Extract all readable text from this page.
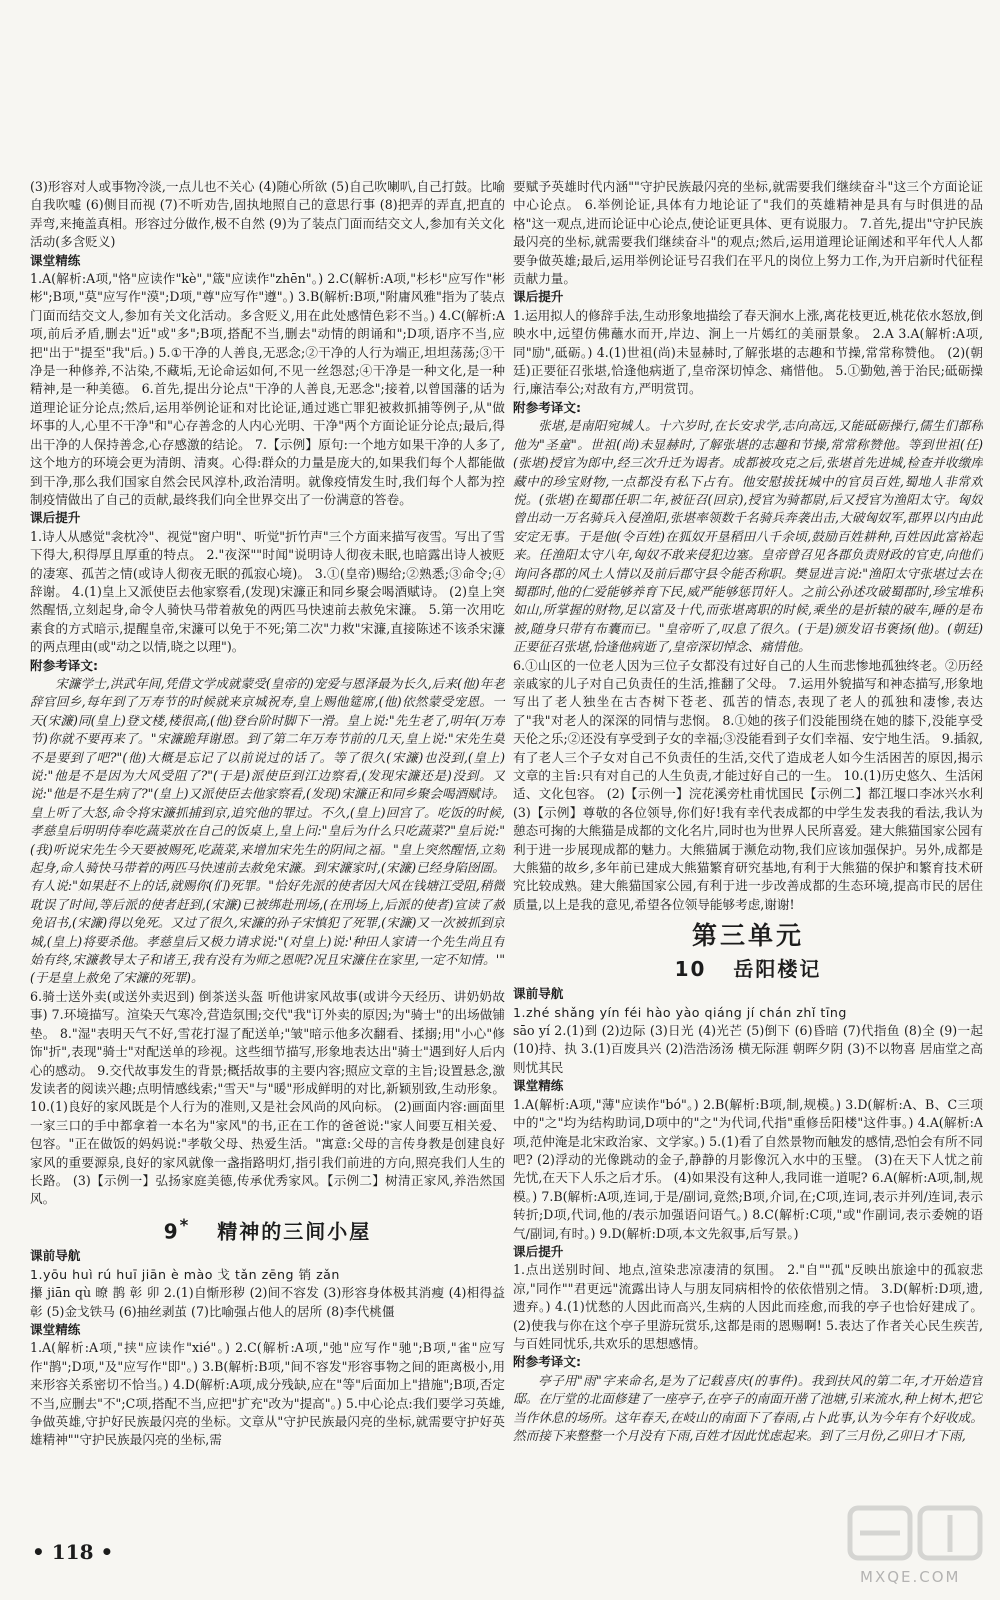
(3)形容对人或事物冷淡,一点儿也不关心 (4)随心所欲 (5)自己吹喇叭,自己打鼓。比喻自我吹嘘 (6)侧目而视 (7)不听劝告,固执地照自己的意思行事 (8)把弄的弄直,把直的弄弯,来掩盖真相。形容过分做作,极不自然 (9)为了装点门面而结交文人,参加有关文化活动(多含贬义)

课堂精练

1.A(解析:A项,"恪"应读作"kè","箴"应读作"zhēn"。) 2.C(解析:A项,"杉杉"应写作"彬彬";B项,"莫"应写作"漠";D项,"尊"应写作"遵"。) 3.B(解析:B项,"附庸风雅"指为了装点门面而结交文人,参加有关文化活动。多含贬义,用在此处感情色彩不当。) 4.C(解析:A项,前后矛盾,删去"近"或"多";B项,搭配不当,删去"动情的朗诵和";D项,语序不当,应把"出于"提至"我"后。) 5.①干净的人善良,无恶念;②干净的人行为端正,坦坦荡荡;③干净是一种修养,不沾染,不藏垢,无论命运如何,不见一丝怨怼;④干净是一种文化,是一种精神,是一种美德。 6.首先,提出分论点"干净的人善良,无恶念";接着,以曾国藩的话为道理论证分论点;然后,运用举例论证和对比论证,通过逃亡罪犯被救抓捕等例子,从"做坏事的人,心里不干净"和"心存善念的人内心光明、干净"两个方面论证分论点;最后,得出干净的人保持善念,心存感激的结论。 7.【示例】原句:一个地方如果干净的人多了,这个地方的环境会更为清朗、清爽。心得:群众的力量是庞大的,如果我们每个人都能做到干净,那么我们国家自然会民风淳朴,政治清明。就像疫情发生时,我们每个人都为控制疫情做出了自己的贡献,最终我们向全世界交出了一份满意的答卷。

课后提升

1.诗人从感觉"衾枕冷"、视觉"窗户明"、听觉"折竹声"三个方面来描写夜雪。写出了雪下得大,积得厚且厚重的特点。 2."夜深""时闻"说明诗人彻夜未眠,也暗露出诗人被贬的凄寒、孤苦之情(或诗人彻夜无眠的孤寂心境)。 3.①(皇帝)赐给;②熟悉;③命令;④辞谢。 4.(1)皇上又派使臣去他家察看,(发现)宋濂正和同乡聚会喝酒赋诗。 (2)皇上突然醒悟,立刻起身,命令人骑快马带着赦免的两匹马快速前去赦免宋濂。 5.第一次用吃素食的方式暗示,提醒皇帝,宋濂可以免于不死;第二次"力救"宋濂,直接陈述不该杀宋濂的两点理由(或"动之以情,晓之以理")。

附参考译文:

宋濂学士,洪武年间,凭借文学成就蒙受(皇帝的)宠爱与恩泽最为长久,后来(他)年老辞官回乡,每年到了万寿节的时候就来京城祝寿,皇上赐他筵席,(他)依然蒙受宠恩。一天(宋濂)同(皇上)登文楼,楼很高,(他)登台阶时脚下一滑。皇上说:"先生老了,明年(万寿节)你就不要再来了。"宋濂跪拜谢恩。到了第二年万寿节前的几天,皇上说:"宋先生莫不是要到了吧?"(他)大概是忘记了以前说过的话了。等了很久(宋濂)也没到,(皇上)说:"他是不是因为大风受阻了?"(于是)派使臣到江边察看,(发现宋濂还是)没到。又说:"他是不是生病了?"(皇上)又派使臣去他家察看,(发现)宋濂正和同乡聚会喝酒赋诗。皇上听了大怒,命令将宋濂抓捕到京,追究他的罪过。不久,(皇上)回宫了。吃饭的时候,孝慈皇后明明侍奉吃蔬菜放在自己的饭桌上,皇上问:"皇后为什么只吃蔬菜?"皇后说:"(我)听说宋先生今天要被赐死,吃蔬菜,来增加宋先生的阴间之福。"皇上突然醒悟,立刻起身,命人骑快马带着的两匹马快速前去赦免宋濂。到宋濂家时,(宋濂)已经身陷囹圄。有人说:"如果赶不上的话,就赐你(们)死罪。"恰好先派的使者因大风在钱塘江受阻,稍微耽误了时间,等后派的使者赶到,(宋濂)已被绑赴刑场,(在刑场上,后派的使者)宣读了赦免诏书,(宋濂)得以免死。又过了很久,宋濂的孙子宋慎犯了死罪,(宋濂)又一次被抓到京城,(皇上)将要杀他。孝慈皇后又极力请求说:"(对皇上)说:'种田人家请一个先生尚且有始有终,宋濂教导太子和诸王,我有没有为师之恩呢?况且宋濂住在家里,一定不知情。'"(于是皇上赦免了宋濂的死罪)。

6.骑士送外卖(或送外卖迟到) 倒茶送头盔 听他讲家风故事(或讲今天经历、讲奶奶故事) 7.环境描写。渲染天气寒冷,营造氛围;交代"我"订外卖的原因;为"骑士"的出场做铺垫。 8."湿"表明天气不好,雪花打湿了配送单;"皱"暗示他多次翻看、揉搦;用"小心"修饰"折",表现"骑士"对配送单的珍视。这些细节描写,形象地表达出"骑士"遇到好人后内心的感动。 9.交代故事发生的背景;概括故事的主要内容;照应文章的主旨;设置悬念,激发读者的阅读兴趣;点明情感线索;"雪天"与"暖"形成鲜明的对比,新颖别致,生动形象。 10.(1)良好的家风既是个人行为的准则,又是社会风尚的风向标。 (2)画面内容:画面里一家三口的手中都拿着一本名为"家风"的书,正在工作的爸爸说:"家人间要互相关爱、包容。"正在做饭的妈妈说:"孝敬父母、热爱生活。"寓意:父母的言传身教是创建良好家风的重要源泉,良好的家风就像一盏指路明灯,指引我们前进的方向,照亮我们人生的长路。 (3)【示例一】弘扬家庭美德,传承优秀家风。【示例二】树清正家风,养浩然国风。

9* 精神的三间小屋

课前导航

1.yōu huì rú huī jiān è mào 戈 tǎn zēng 销 zǎn

攥 jiān qù 暸 鹊 彰 卯 2.(1)自惭形秽 (2)间不容发 (3)形容身体极其消瘦 (4)相得益彰 (5)金戈铁马 (6)抽丝剥茧 (7)比喻强占他人的居所 (8)李代桃僵

课堂精练

1.A(解析:A项,"挟"应读作"xié"。) 2.C(解析:A项,"弛"应写作"驰";B项,"雀"应写作"鹊";D项,"及"应写作"即"。) 3.B(解析:B项,"间不容发"形容事物之间的距离极小,用来形容关系密切不恰当。) 4.D(解析:A项,成分残缺,应在"等"后面加上"措施";B项,否定不当,应删去"不";C项,搭配不当,应把"扩充"改为"提高"。) 5.中心论点:我们要学习英雄,争做英雄,守护好民族最闪亮的坐标。文章从"守护民族最闪亮的坐标,就需要守护好英雄精神""守护民族最闪亮的坐标,需

要赋予英雄时代内涵""守护民族最闪亮的坐标,就需要我们继续奋斗"这三个方面论证中心论点。 6.举例论证,具体有力地论证了"我们的英雄精神是具有与时俱进的品格"这一观点,进而论证中心论点,使论证更具体、更有说服力。 7.首先,提出"守护民族最闪亮的坐标,就需要我们继续奋斗"的观点;然后,运用道理论证阐述和平年代人人都要争做英雄;最后,运用举例论证号召我们在平凡的岗位上努力工作,为开启新时代征程贡献力量。

课后提升

1.运用拟人的修辞手法,生动形象地描绘了春天涧水上涨,离花枝更近,桃花依水怒放,倒映水中,远望仿佛蘸水而开,岸边、涧上一片嫣红的美丽景象。 2.A 3.A(解析:A项,同"励",砥砺。) 4.(1)世祖(尚)未显赫时,了解张堪的志趣和节操,常常称赞他。 (2)(朝廷)正要征召张堪,恰逢他病逝了,皇帝深切悼念、痛惜他。 5.①勤勉,善于治民;砥砺操行,廉洁奉公;对敌有方,严明赏罚。

附参考译文:

张堪,是南阳宛城人。十六岁时,在长安求学,志向高远,又能砥砺操行,儒生们都称他为"圣童"。世祖(尚)未显赫时,了解张堪的志趣和节操,常常称赞他。等到世祖(任)(张堪)授官为郎中,经三次升迁为谒者。成都被攻克之后,张堪首先进城,检查并收缴库藏中的珍宝财物,一点都没有私下占有。他安慰拔抚城中的官员百姓,蜀地人非常欢悦。(张堪)在蜀郡任职二年,被征召(回京),授官为骑都尉,后又授官为渔阳太守。匈奴曾出动一万名骑兵入侵渔阳,张堪率领数千名骑兵奔袭出击,大破匈奴军,郡界以内由此安定无事。于是他(令百姓)在狐奴开垦稻田八千余顷,鼓励百姓耕种,百姓因此富裕起来。任渔阳太守八年,匈奴不敢来侵犯边塞。皇帝曾召见各郡负责财政的官吏,向他们询问各郡的风土人情以及前后郡守县令能否称职。樊显进言说:"渔阳太守张堪过去在蜀郡时,他的仁爱能够养育下民,威严能够惩罚奸人。之前公孙述攻破蜀郡时,珍宝堆积如山,所掌握的财物,足以富及十代,而张堪离职的时候,乘坐的是折辕的破车,睡的是布被,随身只带有布囊而已。"皇帝听了,叹息了很久。(于是)颁发诏书褒扬(他)。(朝廷)正要征召张堪,恰逢他病逝了,皇帝深切悼念、痛惜他。

6.①山区的一位老人因为三位子女都没有过好自己的人生而悲惨地孤独终老。②历经亲戚家的儿子对自己负责任的生活,推翻了父母。 7.运用外貌描写和神态描写,形象地写出了老人独坐在古杏树下苍老、孤苦的情态,表现了老人的孤独和凄惨,表达了"我"对老人的深深的同情与悲悯。 8.①她的孩子们没能围绕在她的膝下,没能享受天伦之乐;②还没有享受到子女的幸福;③没能看到子女们幸福、安宁地生活。 9.插叙,有了老人三个子女对自己不负责任的生活,交代了造成老人如今生活困苦的原因,揭示文章的主旨:只有对自己的人生负责,才能过好自己的一生。 10.(1)历史悠久、生活闲适、文化包容。 (2)【示例一】浣花溪旁杜甫忧国民【示例二】都江堰口李冰兴水利 (3)【示例】尊敬的各位领导,你们好!我有幸代表成都的中学生发表我的看法,我认为憩态可掬的大熊猫是成都的文化名片,同时也为世界人民所喜爱。建大熊猫国家公园有利于进一步展现成都的魅力。大熊猫属于濒危动物,我们应该加强保护。另外,成都是大熊猫的故乡,多年前已建成大熊猫繁育研究基地,有利于大熊猫的保护和繁育技术研究比较成熟。建大熊猫国家公园,有利于进一步改善成都的生态环境,提高市民的居住质量,以上是我的意见,希望各位领导能够考虑,谢谢!

第三单元
10 岳阳楼记

课前导航

1.zhé shǎng yín féi hào yào qiáng jí chán zhǐ tīng

sāo yí 2.(1)到 (2)边际 (3)日光 (4)光芒 (5)倒下 (6)昏暗 (7)代指鱼 (8)全 (9)一起 (10)持、执 3.(1)百废具兴 (2)浩浩汤汤 横无际涯 朝晖夕阴 (3)不以物喜 居庙堂之高则忧其民

课堂精练

1.A(解析:A项,"薄"应读作"bó"。) 2.B(解析:B项,制,规模。) 3.D(解析:A、B、C三项中的"之"均为结构助词,D项中的"之"为代词,代指"重修岳阳楼"这件事。) 4.A(解析:A项,范仲淹是北宋政治家、文学家。) 5.(1)看了自然景物而触发的感情,恐怕会有所不同吧? (2)浮动的光像跳动的金子,静静的月影像沉入水中的玉璧。 (3)在天下人忧之前先忧,在天下人乐之后才乐。 (4)如果没有这种人,我同谁一道呢? 6.A(解析:A项,制,规模。) 7.B(解析:A项,连词,于是/副词,竟然;B项,介词,在;C项,连词,表示并列/连词,表示转折;D项,代词,他的/表示加强语问语气。) 8.C(解析:C项,"或"作副词,表示委婉的语气/副词,有时。) 9.D(解析:D项,本文先叙事,后写景。)

课后提升

1.点出送别时间、地点,渲染悲凉凄清的氛围。 2."自""孤"反映出旅途中的孤寂悲凉,"同作""君更远"流露出诗人与朋友同病相怜的依依惜别之情。 3.D(解析:D项,遗,遗弃。) 4.(1)忧愁的人因此而高兴,生病的人因此而痊愈,而我的亭子也恰好建成了。 (2)使我与你在这个亭子里游玩赏乐,这都是雨的恩赐啊! 5.表达了作者关心民生疾苦,与百姓同忧乐,共欢乐的思想感情。

附参考译文:

亭子用"雨"字来命名,是为了记载喜庆(的事件)。我到扶风的第二年,才开始造官邸。在厅堂的北面修建了一座亭子,在亭子的南面开凿了池塘,引来流水,种上树木,把它当作休息的场所。这年春天,在岐山的南面下了春雨,占卜此事,认为今年有个好收成。然而接下来整整一个月没有下雨,百姓才因此忧虑起来。到了三月份,乙卯日才下雨,

• 118 •
MXQE.COM
